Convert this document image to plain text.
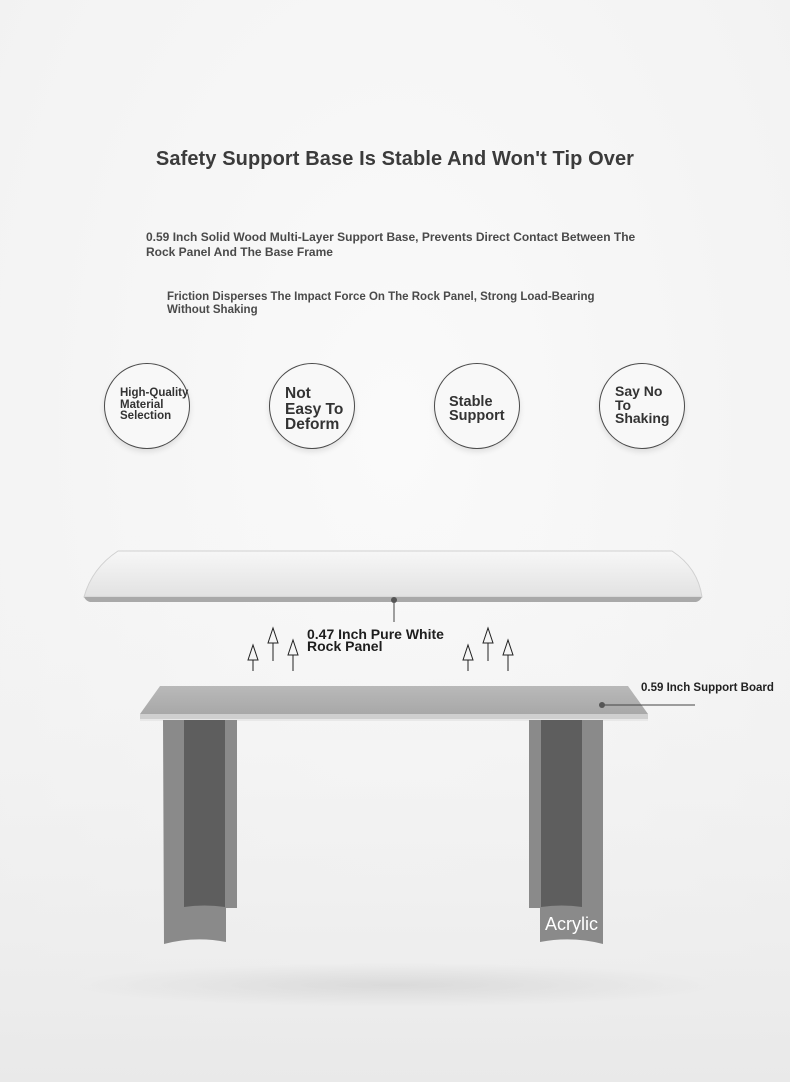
Safety Support Base Is Stable And Won't Tip Over
0.59 Inch Solid Wood Multi-Layer Support Base, Prevents Direct Contact Between The Rock Panel And The Base Frame
Friction Disperses The Impact Force On The Rock Panel, Strong Load-Bearing Without Shaking
High-Quality
Material
Selection
Not
Easy To
Deform
Stable
Support
Say No
To
Shaking
0.47 Inch Pure White
Rock Panel
0.59 Inch Support Board
Acrylic
